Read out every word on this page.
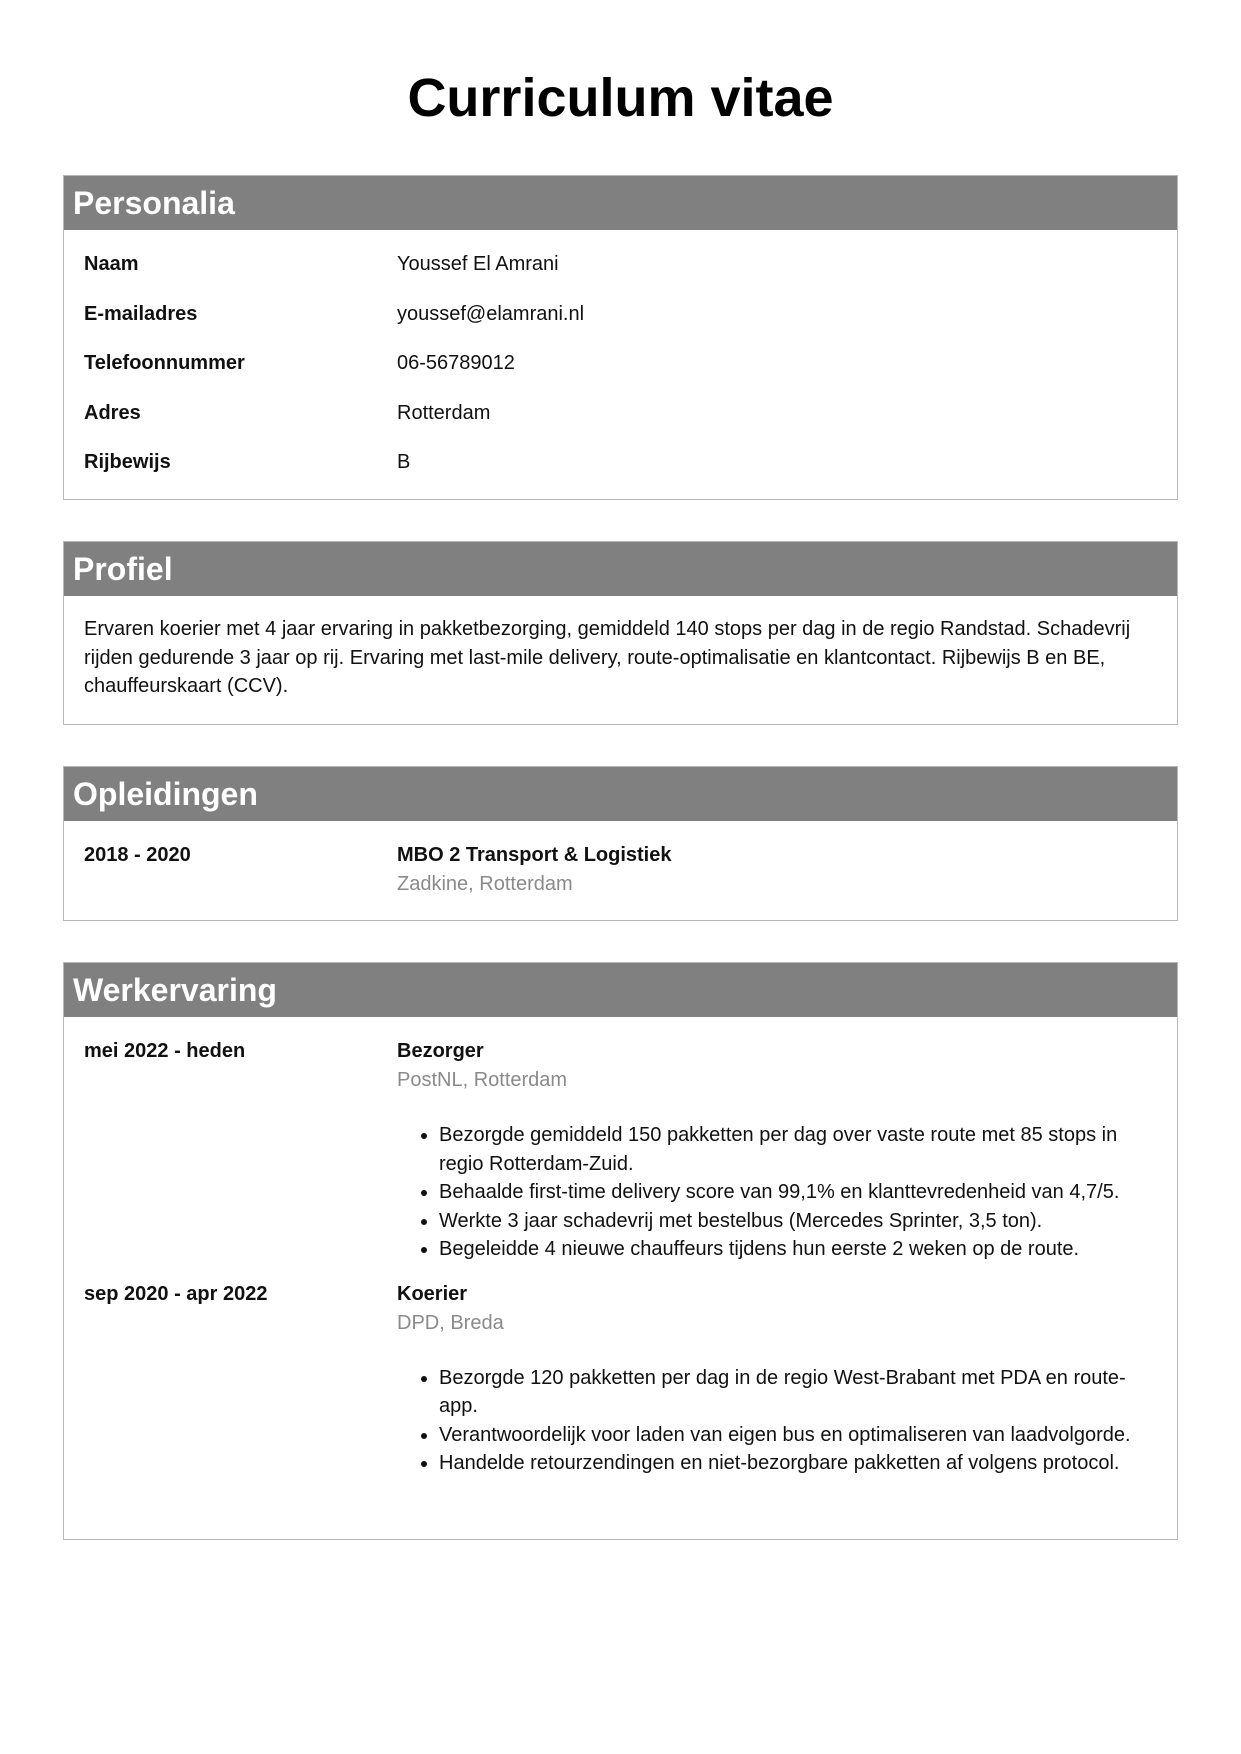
Curriculum vitae
Personalia
Naam	Youssef El Amrani
E-mailadres	youssef@elamrani.nl
Telefoonnummer	06-56789012
Adres	Rotterdam
Rijbewijs	B
Profiel
Ervaren koerier met 4 jaar ervaring in pakketbezorging, gemiddeld 140 stops per dag in de regio Randstad. Schadevrij rijden gedurende 3 jaar op rij. Ervaring met last-mile delivery, route-optimalisatie en klantcontact. Rijbewijs B en BE, chauffeurskaart (CCV).
Opleidingen
2018 - 2020	MBO 2 Transport & Logistiek
Zadkine, Rotterdam
Werkervaring
mei 2022 - heden	Bezorger
PostNL, Rotterdam
• Bezorgde gemiddeld 150 pakketten per dag over vaste route met 85 stops in regio Rotterdam-Zuid.
• Behaalde first-time delivery score van 99,1% en klanttevredenheid van 4,7/5.
• Werkte 3 jaar schadevrij met bestelbus (Mercedes Sprinter, 3,5 ton).
• Begeleidde 4 nieuwe chauffeurs tijdens hun eerste 2 weken op de route.
sep 2020 - apr 2022	Koerier
DPD, Breda
• Bezorgde 120 pakketten per dag in de regio West-Brabant met PDA en route-app.
• Verantwoordelijk voor laden van eigen bus en optimaliseren van laadvolgorde.
• Handelde retourzendingen en niet-bezorgbare pakketten af volgens protocol.
